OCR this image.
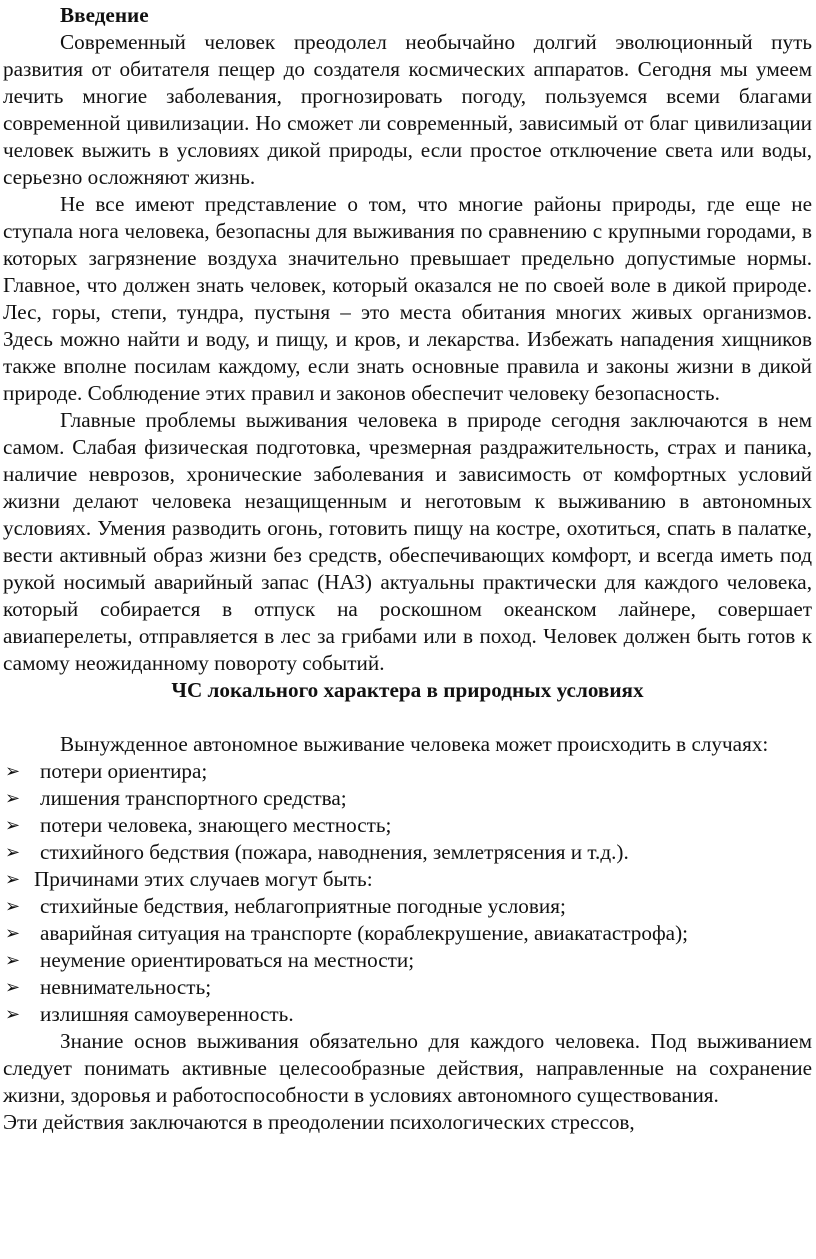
Введение

Современный человек преодолел необычайно долгий эволюционный путь развития от обитателя пещер до создателя космических аппаратов. Сегодня мы умеем лечить многие заболевания, прогнозировать погоду, пользуемся всеми благами современной цивилизации. Но сможет ли современный, зависимый от благ цивилизации человек выжить в условиях дикой природы, если простое отключение света или воды, серьезно осложняют жизнь.

Не все имеют представление о том, что многие районы природы, где еще не ступала нога человека, безопасны для выживания по сравнению с крупными городами, в которых загрязнение воздуха значительно превышает предельно допустимые нормы. Главное, что должен знать человек, который оказался не по своей воле в дикой природе. Лес, горы, степи, тундра, пустыня – это места обитания многих живых организмов. Здесь можно найти и воду, и пищу, и кров, и лекарства. Избежать нападения хищников также вполне посилам каждому, если знать основные правила и законы жизни в дикой природе. Соблюдение этих правил и законов обеспечит человеку безопасность.

Главные проблемы выживания человека в природе сегодня заключаются в нем самом. Слабая физическая подготовка, чрезмерная раздражительность, страх и паника, наличие неврозов, хронические заболевания и зависимость от комфортных условий жизни делают человека незащищенным и неготовым к выживанию в автономных условиях. Умения разводить огонь, готовить пищу на костре, охотиться, спать в палатке, вести активный образ жизни без средств, обеспечивающих комфорт, и всегда иметь под рукой носимый аварийный запас (НАЗ) актуальны практически для каждого человека, который собирается в отпуск на роскошном океанском лайнере, совершает авиаперелеты, отправляется в лес за грибами или в поход. Человек должен быть готов к самому неожиданному повороту событий.

ЧС локального характера в природных условиях

Вынужденное автономное выживание человека может происходить в случаях:

➢ потери ориентира;
➢ лишения транспортного средства;
➢ потери человека, знающего местность;
➢ стихийного бедствия (пожара, наводнения, землетрясения и т.д.).
➢ Причинами этих случаев могут быть:
➢ стихийные бедствия, неблагоприятные погодные условия;
➢ аварийная ситуация на транспорте (кораблекрушение, авиакатастрофа);
➢ неумение ориентироваться на местности;
➢ невнимательность;
➢ излишняя самоуверенность.

Знание основ выживания обязательно для каждого человека. Под выживанием следует понимать активные целесообразные действия, направленные на сохранение жизни, здоровья и работоспособности в условиях автономного существования.

Эти действия заключаются в преодолении психологических стрессов,
